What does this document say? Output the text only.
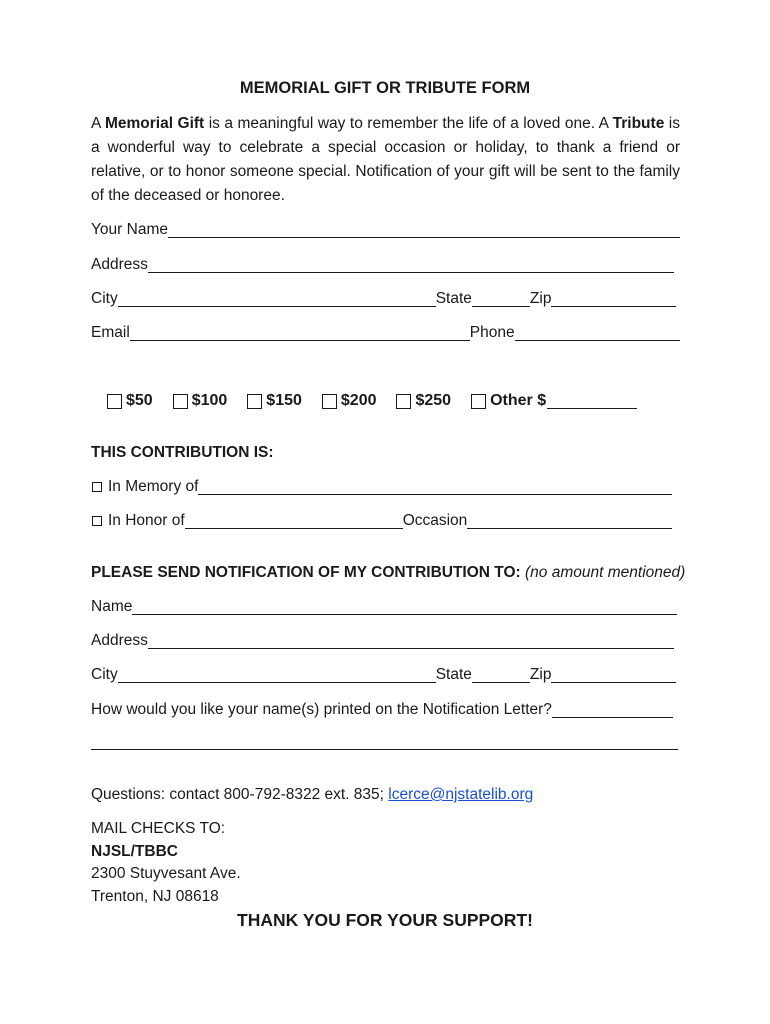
MEMORIAL GIFT OR TRIBUTE FORM
A Memorial Gift is a meaningful way to remember the life of a loved one. A Tribute is a wonderful way to celebrate a special occasion or holiday, to thank a friend or relative, or to honor someone special. Notification of your gift will be sent to the family of the deceased or honoree.
Your Name
Address
City	State	Zip
Email	Phone
$50 $100 $150 $200 $250 Other $
THIS CONTRIBUTION IS:
In Memory of
In Honor of	Occasion
PLEASE SEND NOTIFICATION OF MY CONTRIBUTION TO: (no amount mentioned)
Name
Address
City	State	Zip
How would you like your name(s) printed on the Notification Letter?
Questions: contact 800-792-8322 ext. 835; lcerce@njstatelib.org
MAIL CHECKS TO:
NJSL/TBBC
2300 Stuyvesant Ave.
Trenton, NJ 08618
THANK YOU FOR YOUR SUPPORT!
